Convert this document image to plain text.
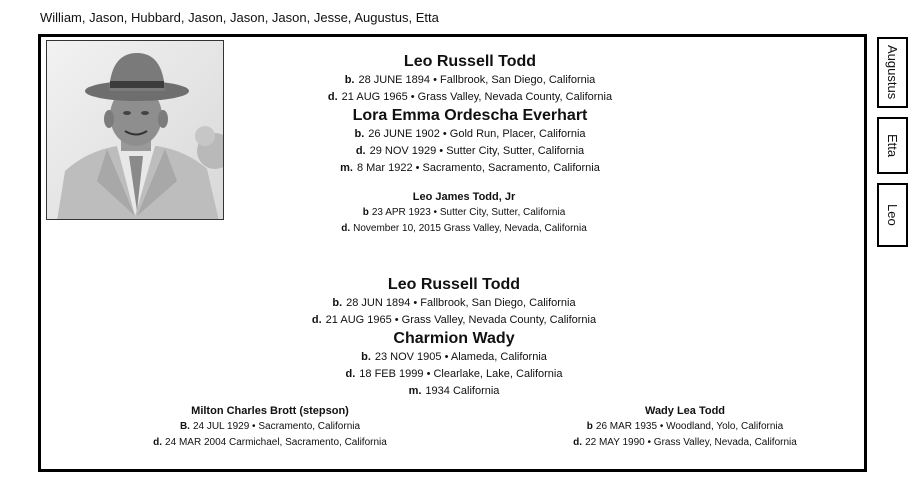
William, Jason, Hubbard, Jason, Jason, Jason, Jesse, Augustus, Etta
Leo Russell Todd
b. 28 JUNE 1894 • Fallbrook, San Diego, California
d. 21 AUG 1965 • Grass Valley, Nevada County, California
Lora Emma Ordescha Everhart
b. 26 JUNE 1902 • Gold Run, Placer, California
d. 29 NOV 1929 • Sutter City, Sutter, California
m. 8 Mar 1922 • Sacramento, Sacramento, California
Leo James Todd, Jr
b 23 APR 1923 • Sutter City, Sutter, California
d. November 10, 2015 Grass Valley, Nevada, California
Leo Russell Todd
b. 28 JUN 1894 • Fallbrook, San Diego, California
d. 21 AUG 1965 • Grass Valley, Nevada County, California
Charmion Wady
b. 23 NOV 1905 • Alameda, California
d. 18 FEB 1999 • Clearlake, Lake, California
m. 1934 California
Milton Charles Brott (stepson)
B. 24 JUL 1929 • Sacramento, California
d. 24 MAR 2004 Carmichael, Sacramento, California
Wady Lea Todd
b 26 MAR 1935 • Woodland, Yolo, California
d. 22 MAY 1990 • Grass Valley, Nevada, California
Augustus
Etta
Leo
